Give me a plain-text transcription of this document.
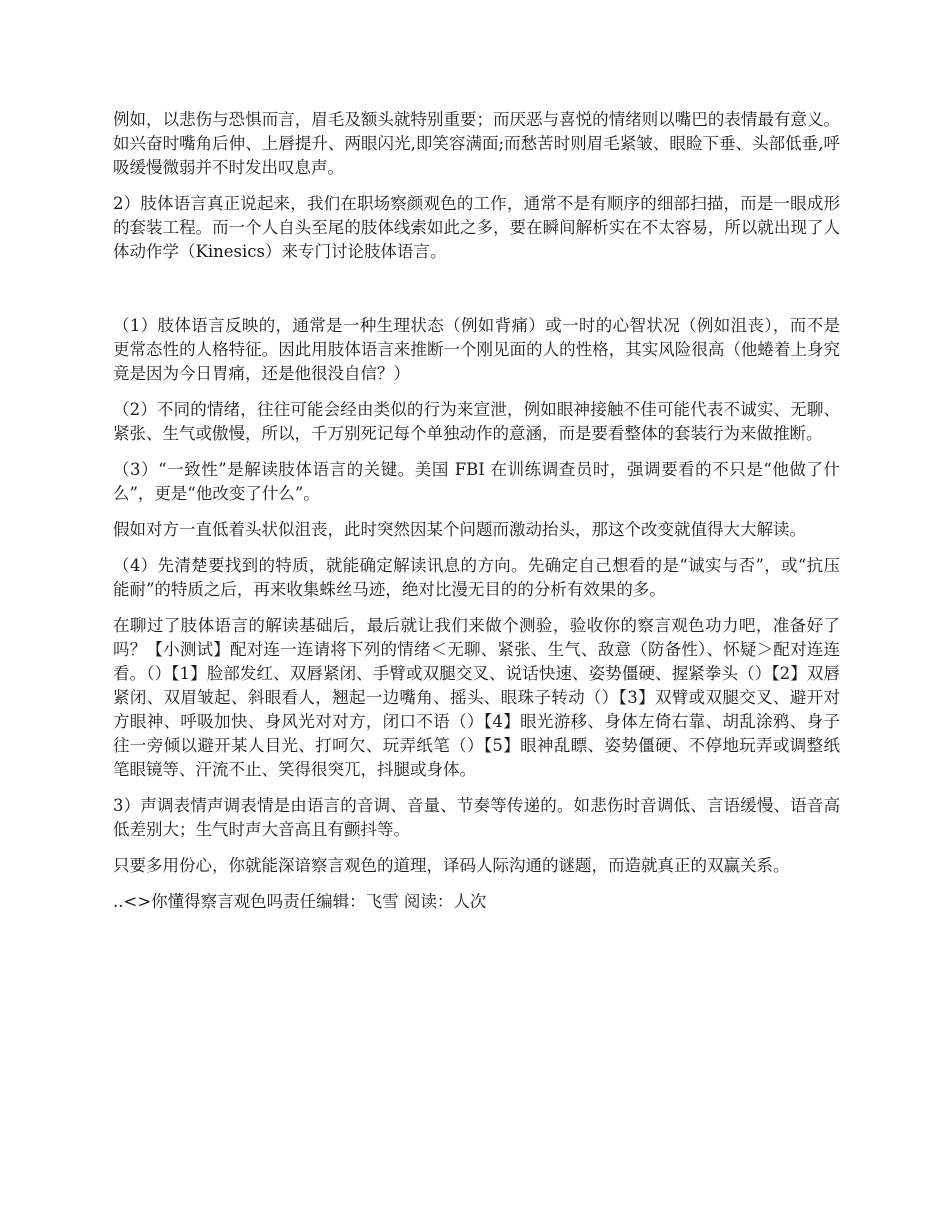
例如，以悲伤与恐惧而言，眉毛及额头就特别重要；而厌恶与喜悦的情绪则以嘴巴的表情最有意义。如兴奋时嘴角后伸、上唇提升、两眼闪光,即笑容满面;而愁苦时则眉毛紧皱、眼睑下垂、头部低垂,呼吸缓慢微弱并不时发出叹息声。

2）肢体语言真正说起来，我们在职场察颜观色的工作，通常不是有顺序的细部扫描，而是一眼成形的套装工程。而一个人自头至尾的肢体线索如此之多，要在瞬间解析实在不太容易，所以就出现了人体动作学（Kinesics）来专门讨论肢体语言。

（1）肢体语言反映的，通常是一种生理状态（例如背痛）或一时的心智状况（例如沮丧），而不是更常态性的人格特征。因此用肢体语言来推断一个刚见面的人的性格，其实风险很高（他蜷着上身究竟是因为今日胃痛，还是他很没自信？）

（2）不同的情绪，往往可能会经由类似的行为来宣泄，例如眼神接触不佳可能代表不诚实、无聊、紧张、生气或傲慢，所以，千万别死记每个单独动作的意涵，而是要看整体的套装行为来做推断。

（3）“一致性”是解读肢体语言的关键。美国 FBI 在训练调查员时，强调要看的不只是“他做了什么”，更是“他改变了什么”。

假如对方一直低着头状似沮丧，此时突然因某个问题而激动抬头，那这个改变就值得大大解读。

（4）先清楚要找到的特质，就能确定解读讯息的方向。先确定自己想看的是“诚实与否”，或“抗压能耐”的特质之后，再来收集蛛丝马迹，绝对比漫无目的的分析有效果的多。

在聊过了肢体语言的解读基础后，最后就让我们来做个测验，验收你的察言观色功力吧，准备好了吗？【小测试】配对连一连请将下列的情绪＜无聊、紧张、生气、敌意（防备性）、怀疑＞配对连连看。（）【1】脸部发红、双唇紧闭、手臂或双腿交叉、说话快速、姿势僵硬、握紧拳头（）【2】双唇紧闭、双眉皱起、斜眼看人，翘起一边嘴角、摇头、眼珠子转动（）【3】双臂或双腿交叉、避开对方眼神、呼吸加快、身风光对对方，闭口不语（）【4】眼光游移、身体左倚右靠、胡乱涂鸦、身子往一旁倾以避开某人目光、打呵欠、玩弄纸笔（）【5】眼神乱瞟、姿势僵硬、不停地玩弄或调整纸笔眼镜等、汗流不止、笑得很突兀，抖腿或身体。

3）声调表情声调表情是由语言的音调、音量、节奏等传递的。如悲伤时音调低、言语缓慢、语音高低差别大；生气时声大音高且有颤抖等。

只要多用份心，你就能深谙察言观色的道理，译码人际沟通的谜题，而造就真正的双赢关系。

..<>你懂得察言观色吗责任编辑：飞雪 阅读：人次
